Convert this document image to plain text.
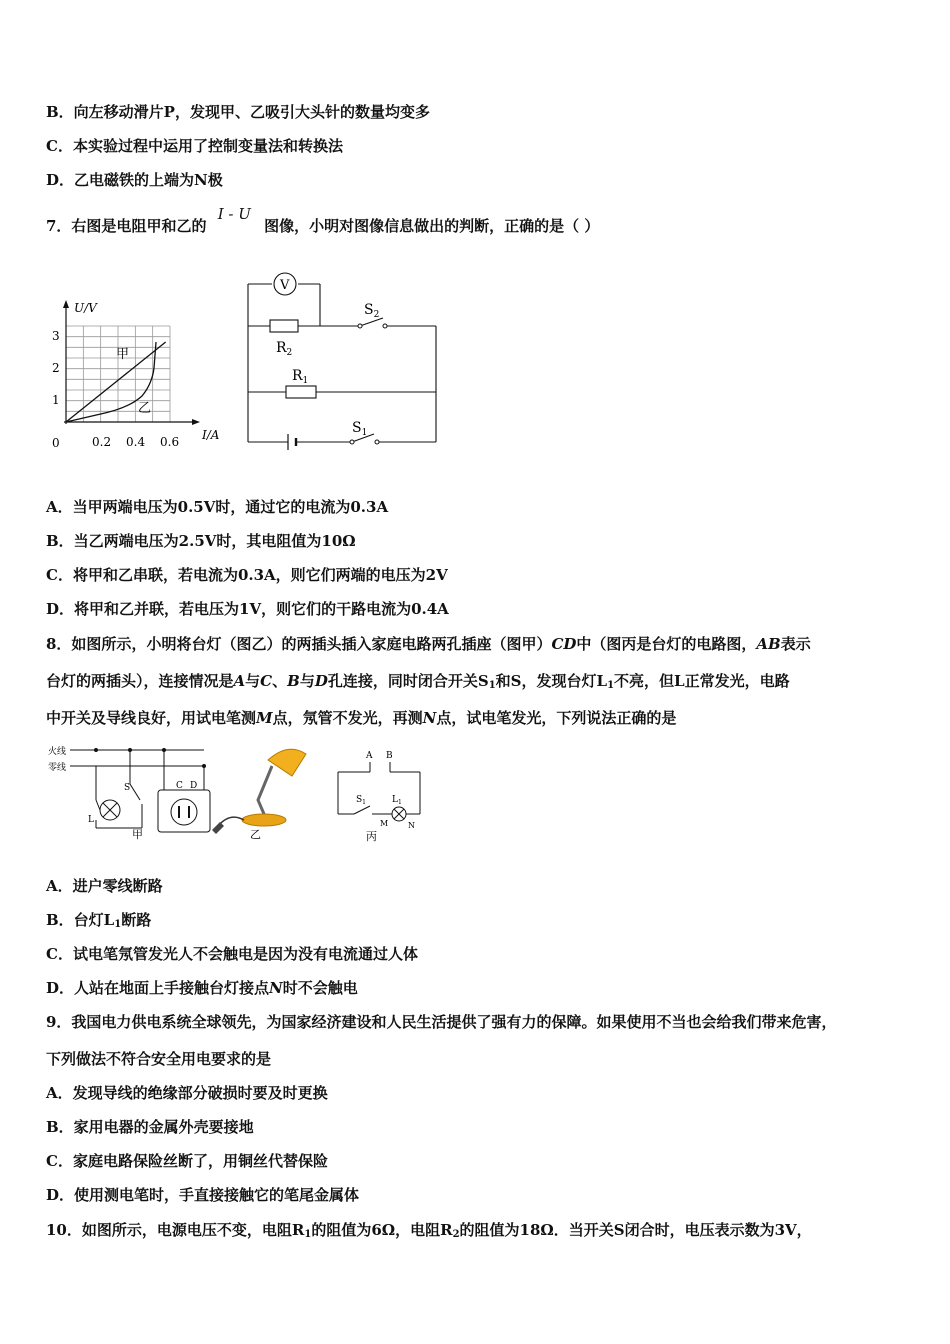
B．向左移动滑片P，发现甲、乙吸引大头针的数量均变多
C．本实验过程中运用了控制变量法和转换法
D．乙电磁铁的上端为N极
7．右图是电阻甲和乙的 I - U 图像，小明对图像信息做出的判断，正确的是（ ）
U/V
I/A
1
2
3
0	0.2 0.4 0.6
甲
乙
V
$S_2$
$R_2$
$R_1$
$S_1$
A．当甲两端电压为0.5V时，通过它的电流为0.3A
B．当乙两端电压为2.5V时，其电阻值为10Ω
C．将甲和乙串联，若电流为0.3A，则它们两端的电压为2V
D．将甲和乙并联，若电压为1V，则它们的干路电流为0.4A
8．如图所示，小明将台灯（图乙）的两插头插入家庭电路两孔插座（图甲）CD中（图丙是台灯的电路图，AB表示
台灯的两插头），连接情况是A与C、B与D孔连接，同时闭合开关$S_1$和S，发现台灯$L_1$不亮，但L正常发光，电路
中开关及导线良好，用试电笔测M点，氖管不发光，再测N点，试电笔发光，下列说法正确的是
火线
零线
L
S	C D
甲	乙
A B
$S_1$	$L_1$
M N
丙
A．进户零线断路
B．台灯$L_1$断路
C．试电笔氖管发光人不会触电是因为没有电流通过人体
D．人站在地面上手接触台灯接点N时不会触电
9．我国电力供电系统全球领先，为国家经济建设和人民生活提供了强有力的保障。如果使用不当也会给我们带来危害，
下列做法不符合安全用电要求的是
A．发现导线的绝缘部分破损时要及时更换
B．家用电器的金属外壳要接地
C．家庭电路保险丝断了，用铜丝代替保险
D．使用测电笔时，手直接接触它的笔尾金属体
10．如图所示，电源电压不变，电阻$R_1$的阻值为6Ω，电阻$R_2$的阻值为18Ω．当开关S闭合时，电压表示数为3V，
